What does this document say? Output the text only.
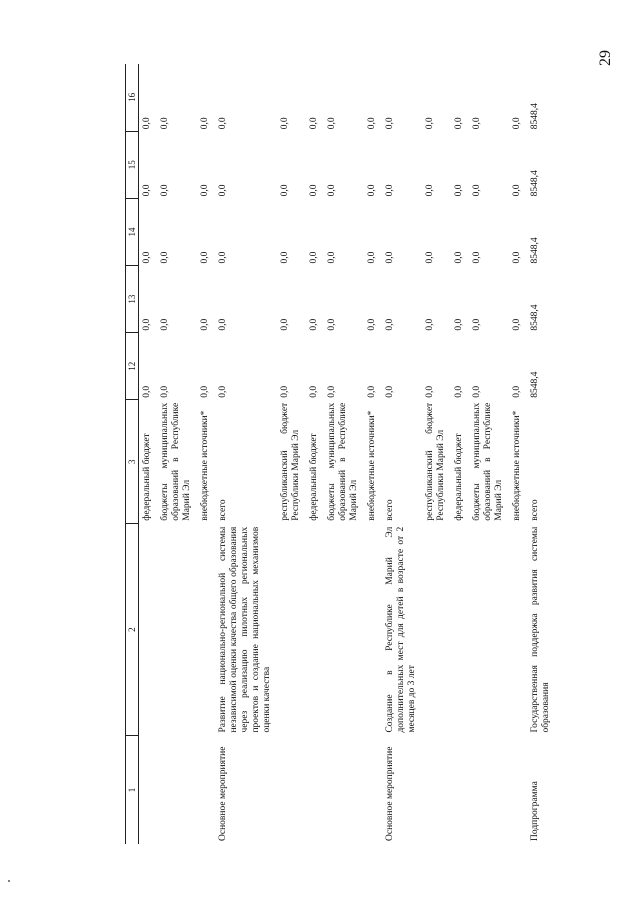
29
1	2	3	12	13	14	15	16
		федеральный бюджет	0,0	0,0	0,0	0,0	0,0
		бюджеты муниципальных образований в Республике Марий Эл	0,0	0,0	0,0	0,0	0,0
		внебюджетные источники*	0,0	0,0	0,0	0,0	0,0
Основное мероприятие	Развитие национально-региональной системы независимой оценки качества общего образования через реализацию пилотных региональных проектов и создание национальных механизмов оценки качества	всего	0,0	0,0	0,0	0,0	0,0
		республиканский бюджет Республики Марий Эл	0,0	0,0	0,0	0,0	0,0
		федеральный бюджет	0,0	0,0	0,0	0,0	0,0
		бюджеты муниципальных образований в Республике Марий Эл	0,0	0,0	0,0	0,0	0,0
		внебюджетные источники*	0,0	0,0	0,0	0,0	0,0
Основное мероприятие	Создание в Республике Марий Эл дополнительных мест для детей в возрасте от 2 месяцев до 3 лет	всего	0,0	0,0	0,0	0,0	0,0
		республиканский бюджет Республики Марий Эл	0,0	0,0	0,0	0,0	0,0
		федеральный бюджет	0,0	0,0	0,0	0,0	0,0
		бюджеты муниципальных образований в Республике Марий Эл	0,0	0,0	0,0	0,0	0,0
		внебюджетные источники*	0,0	0,0	0,0	0,0	0,0
Подпрограмма	Государственная поддержка развития системы образования	всего	8548,4	8548,4	8548,4	8548,4	8548,4
